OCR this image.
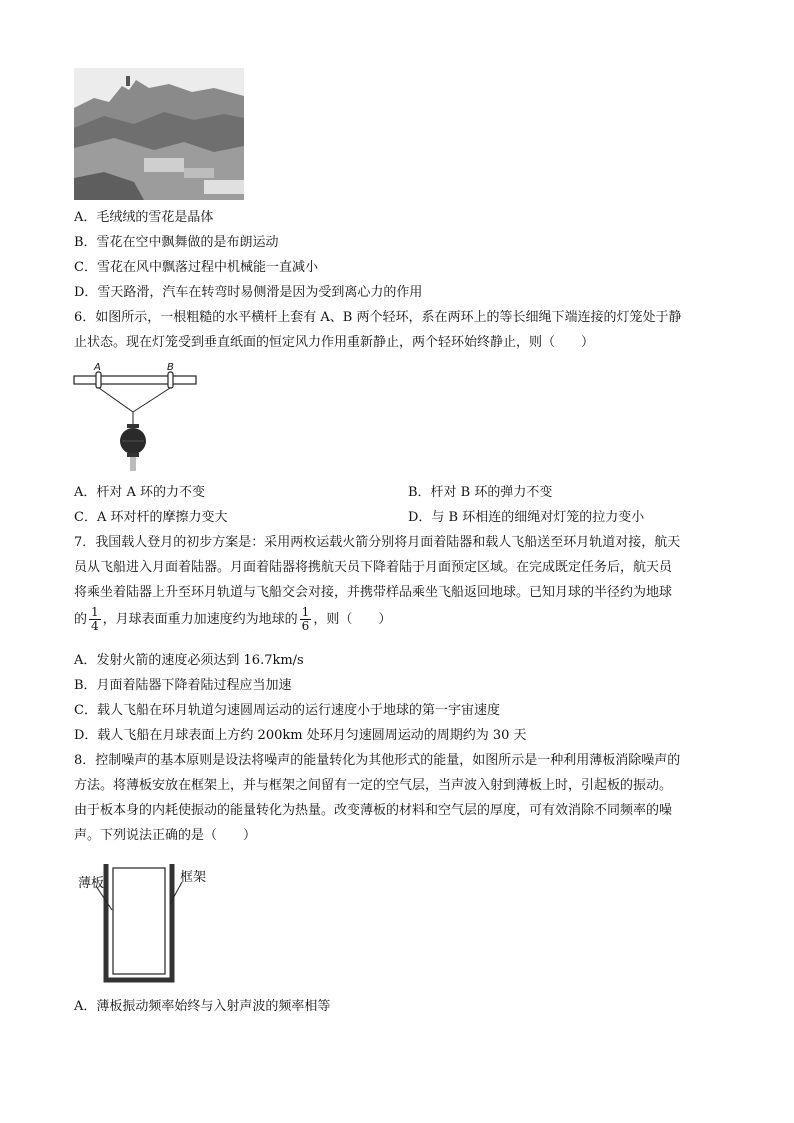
A．毛绒绒的雪花是晶体
B．雪花在空中飘舞做的是布朗运动
C．雪花在风中飘落过程中机械能一直减小
D．雪天路滑，汽车在转弯时易侧滑是因为受到离心力的作用
6．如图所示，一根粗糙的水平横杆上套有 A、B 两个轻环，系在两环上的等长细绳下端连接的灯笼处于静
止状态。现在灯笼受到垂直纸面的恒定风力作用重新静止，两个轻环始终静止，则（　　）
A	B
A．杆对 A 环的力不变	B．杆对 B 环的弹力不变
C．A 环对杆的摩擦力变大	D．与 B 环相连的细绳对灯笼的拉力变小
7．我国载人登月的初步方案是：采用两枚运载火箭分别将月面着陆器和载人飞船送至环月轨道对接，航天
员从飞船进入月面着陆器。月面着陆器将携航天员下降着陆于月面预定区域。在完成既定任务后，航天员
将乘坐着陆器上升至环月轨道与飞船交会对接，并携带样品乘坐飞船返回地球。已知月球的半径约为地球
的 $\frac{1}{4}$ ，月球表面重力加速度约为地球的 $\frac{1}{6}$ ，则（　　）
A．发射火箭的速度必须达到 16.7km/s
B．月面着陆器下降着陆过程应当加速
C．载人飞船在环月轨道匀速圆周运动的运行速度小于地球的第一宇宙速度
D．载人飞船在月球表面上方约 200km 处环月匀速圆周运动的周期约为 30 天
8．控制噪声的基本原则是设法将噪声的能量转化为其他形式的能量，如图所示是一种利用薄板消除噪声的
方法。将薄板安放在框架上，并与框架之间留有一定的空气层，当声波入射到薄板上时，引起板的振动。
由于板本身的内耗使振动的能量转化为热量。改变薄板的材料和空气层的厚度，可有效消除不同频率的噪
声。下列说法正确的是（　　）
薄板	框架
A．薄板振动频率始终与入射声波的频率相等
